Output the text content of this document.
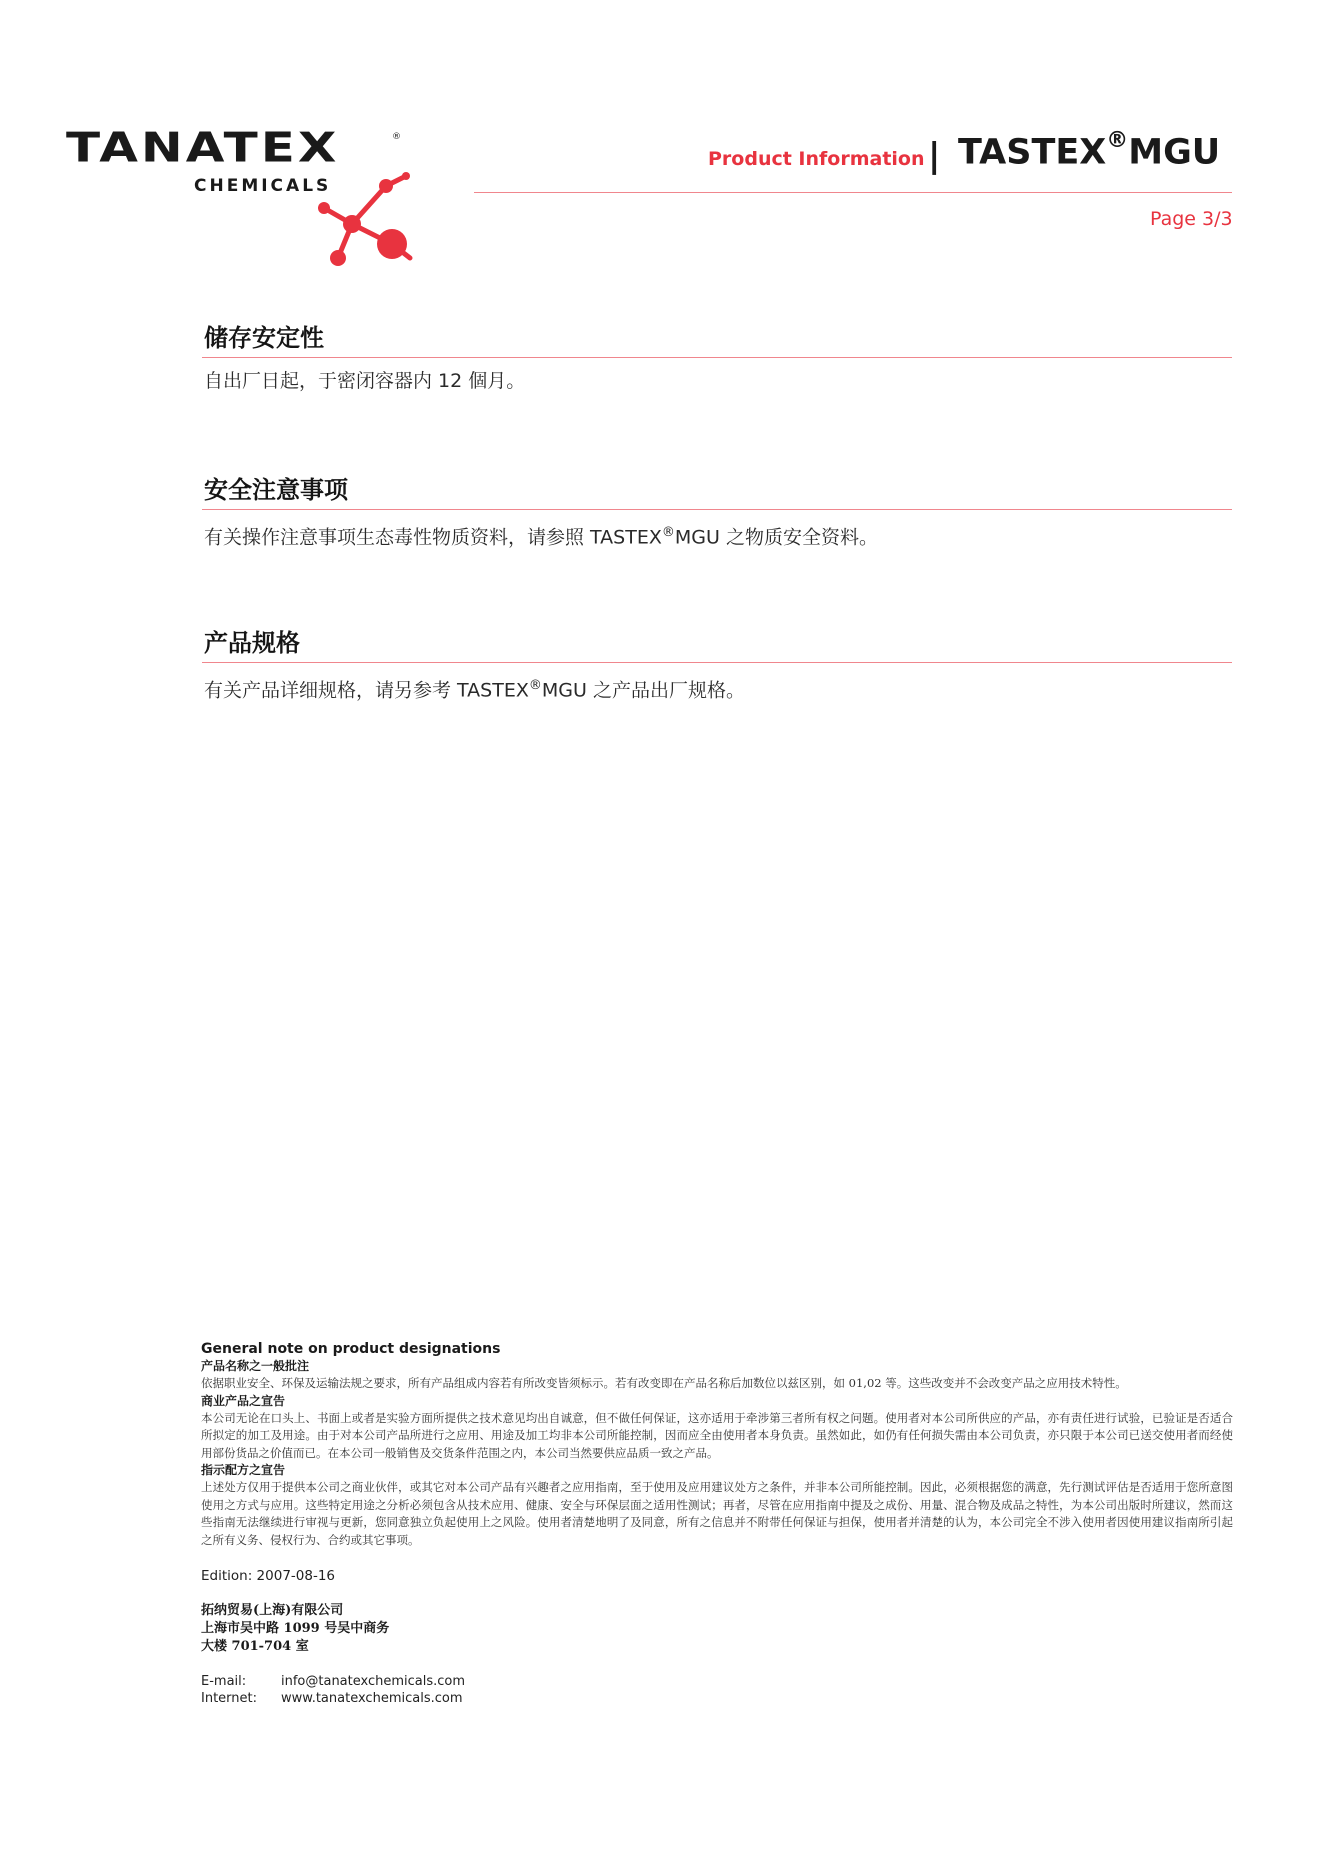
TANATEX	®
CHEMICALS
Product Information | TASTEX®MGU
Page 3/3
储存安定性
自出厂日起，于密闭容器内 12 個月。
安全注意事项
有关操作注意事项生态毒性物质资料，请参照 TASTEX®MGU 之物质安全资料。
产品规格
有关产品详细规格，请另参考 TASTEX®MGU 之产品出厂规格。
General note on product designations
产品名称之一般批注
依据职业安全、环保及运输法规之要求，所有产品组成内容若有所改变皆须标示。若有改变即在产品名称后加数位以兹区别，如 01,02 等。这些改变并不会改变产品之应用技术特性。
商业产品之宣告
本公司无论在口头上、书面上或者是实验方面所提供之技术意见均出自诚意，但不做任何保证，这亦适用于牵涉第三者所有权之问题。使用者对本公司所供应的产品，亦有责任进行试验，已验证是否适合所拟定的加工及用途。由于对本公司产品所进行之应用、用途及加工均非本公司所能控制，因而应全由使用者本身负责。虽然如此，如仍有任何损失需由本公司负责，亦只限于本公司已送交使用者而经使用部份货品之价值而已。在本公司一般销售及交货条件范围之内，本公司当然要供应品质一致之产品。
指示配方之宣告
上述处方仅用于提供本公司之商业伙伴，或其它对本公司产品有兴趣者之应用指南，至于使用及应用建议处方之条件，并非本公司所能控制。因此，必须根据您的满意，先行测试评估是否适用于您所意图使用之方式与应用。这些特定用途之分析必须包含从技术应用、健康、安全与环保层面之适用性测试；再者，尽管在应用指南中提及之成份、用量、混合物及成品之特性，为本公司出版时所建议，然而这些指南无法继续进行审视与更新，您同意独立负起使用上之风险。使用者清楚地明了及同意，所有之信息并不附带任何保证与担保，使用者并清楚的认为，本公司完全不涉入使用者因使用建议指南所引起之所有义务、侵权行为、合约或其它事项。
Edition: 2007-08-16
拓纳贸易(上海)有限公司
上海市吴中路 1099 号吴中商务
大楼 701-704 室
E-mail:	info@tanatexchemicals.com
Internet:	www.tanatexchemicals.com
